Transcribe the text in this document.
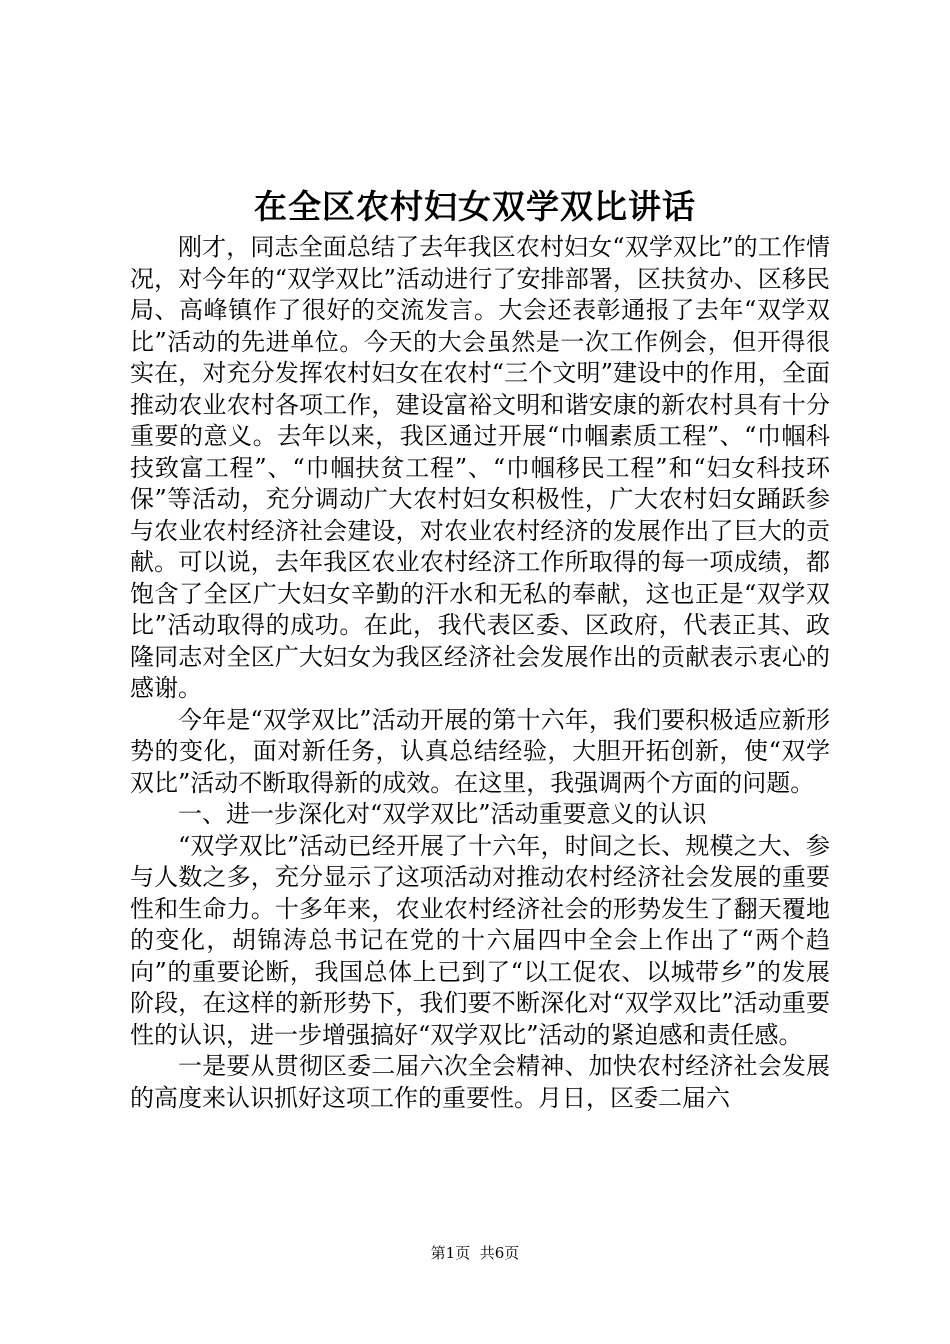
在全区农村妇女双学双比讲话

刚才，同志全面总结了去年我区农村妇女“双学双比”的工作情况，对今年的“双学双比”活动进行了安排部署，区扶贫办、区移民局、高峰镇作了很好的交流发言。大会还表彰通报了去年“双学双比”活动的先进单位。今天的大会虽然是一次工作例会，但开得很实在，对充分发挥农村妇女在农村“三个文明”建设中的作用，全面推动农业农村各项工作，建设富裕文明和谐安康的新农村具有十分重要的意义。去年以来，我区通过开展“巾帼素质工程”、“巾帼科技致富工程”、“巾帼扶贫工程”、“巾帼移民工程”和“妇女科技环保”等活动，充分调动广大农村妇女积极性，广大农村妇女踊跃参与农业农村经济社会建设，对农业农村经济的发展作出了巨大的贡献。可以说，去年我区农业农村经济工作所取得的每一项成绩，都饱含了全区广大妇女辛勤的汗水和无私的奉献，这也正是“双学双比”活动取得的成功。在此，我代表区委、区政府，代表正其、政隆同志对全区广大妇女为我区经济社会发展作出的贡献表示衷心的感谢。

今年是“双学双比”活动开展的第十六年，我们要积极适应新形势的变化，面对新任务，认真总结经验，大胆开拓创新，使“双学双比”活动不断取得新的成效。在这里，我强调两个方面的问题。

一、进一步深化对“双学双比”活动重要意义的认识

“双学双比”活动已经开展了十六年，时间之长、规模之大、参与人数之多，充分显示了这项活动对推动农村经济社会发展的重要性和生命力。十多年来，农业农村经济社会的形势发生了翻天覆地的变化，胡锦涛总书记在党的十六届四中全会上作出了“两个趋向”的重要论断，我国总体上已到了“以工促农、以城带乡”的发展阶段，在这样的新形势下，我们要不断深化对“双学双比”活动重要性的认识，进一步增强搞好“双学双比”活动的紧迫感和责任感。

一是要从贯彻区委二届六次全会精神、加快农村经济社会发展的高度来认识抓好这项工作的重要性。月日，区委二届六

第1页 共6页
